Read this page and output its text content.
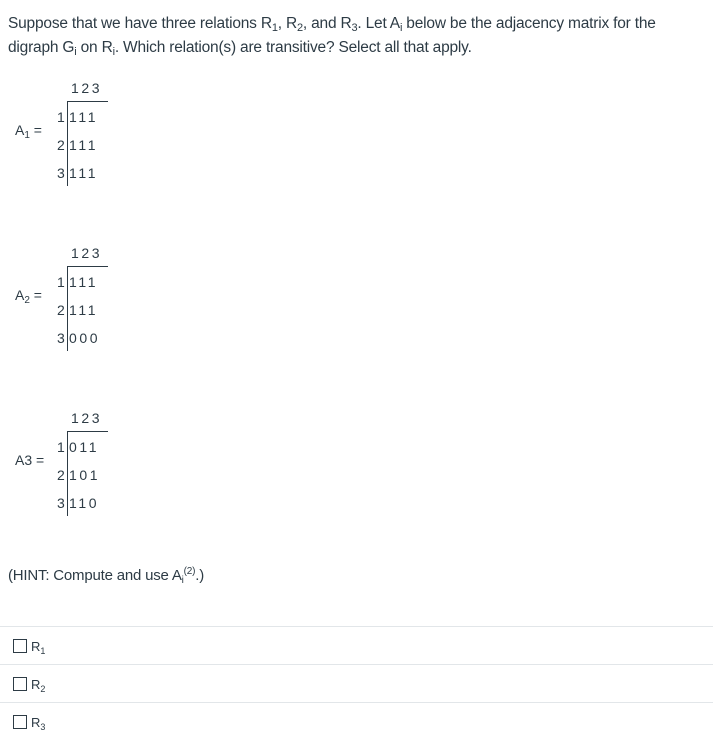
Suppose that we have three relations $R_1$, $R_2$, and $R_3$. Let $A_i$ below be the adjacency matrix for the digraph $G_i$ on $R_i$. Which relation(s) are transitive? Select all that apply.
123
$A_1$ =
1 111
2 111
3 111
123
$A_2$ =
1 111
2 111
3 000
123
A3 =
1 011
2 101
3 110
(HINT: Compute and use $A_i^{(2)}$.)
$R_1$
$R_2$
$R_3$
